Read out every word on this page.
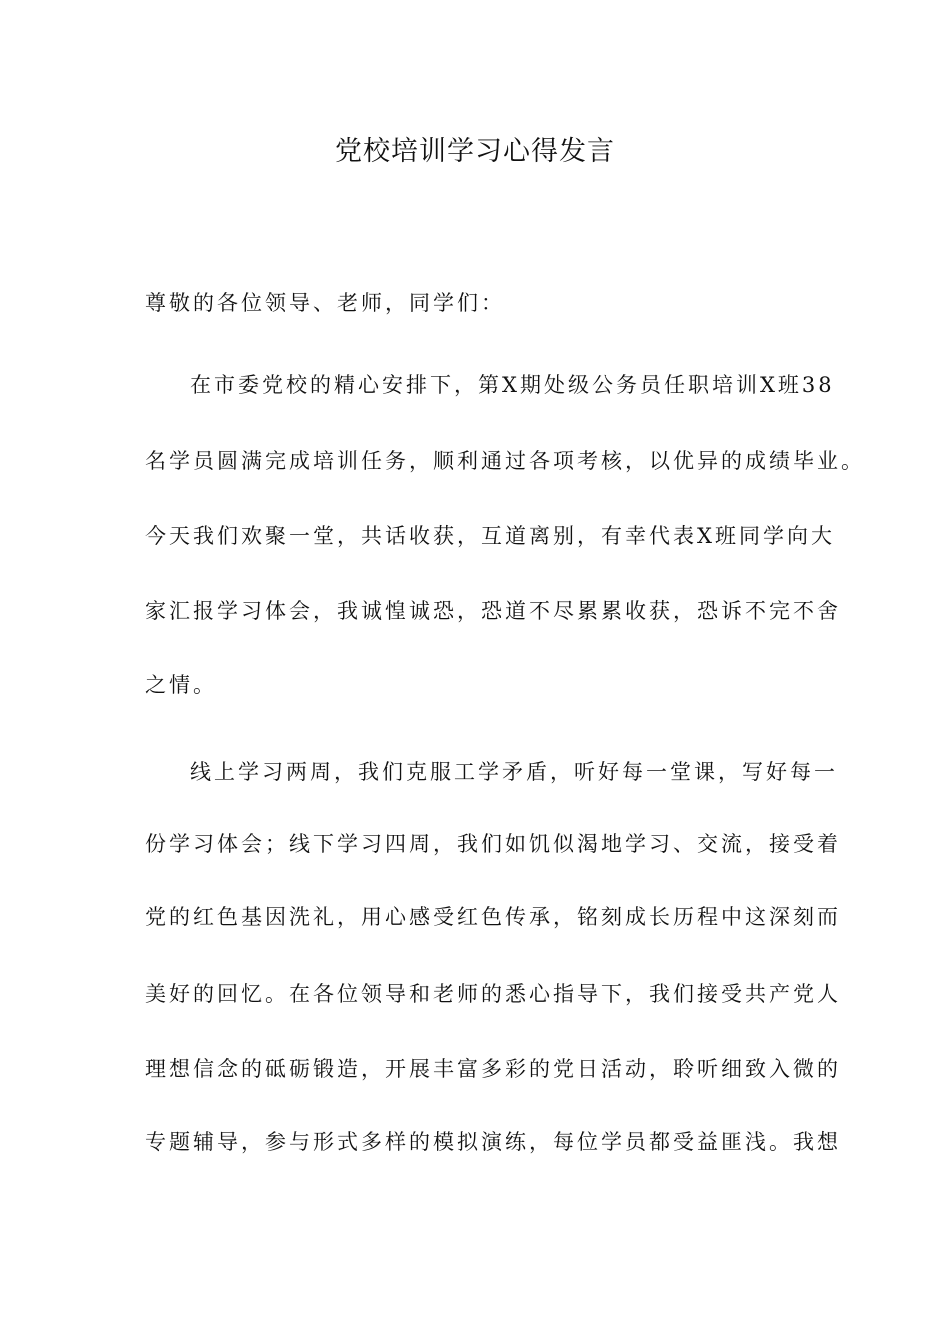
党校培训学习心得发言
尊敬的各位领导、老师，同学们：
在市委党校的精心安排下，第X期处级公务员任职培训X班38
名学员圆满完成培训任务，顺利通过各项考核，以优异的成绩毕业。
今天我们欢聚一堂，共话收获，互道离别，有幸代表X班同学向大
家汇报学习体会，我诚惶诚恐，恐道不尽累累收获，恐诉不完不舍
之情。
线上学习两周，我们克服工学矛盾，听好每一堂课，写好每一
份学习体会；线下学习四周，我们如饥似渴地学习、交流，接受着
党的红色基因洗礼，用心感受红色传承，铭刻成长历程中这深刻而
美好的回忆。在各位领导和老师的悉心指导下，我们接受共产党人
理想信念的砥砺锻造，开展丰富多彩的党日活动，聆听细致入微的
专题辅导，参与形式多样的模拟演练，每位学员都受益匪浅。我想
